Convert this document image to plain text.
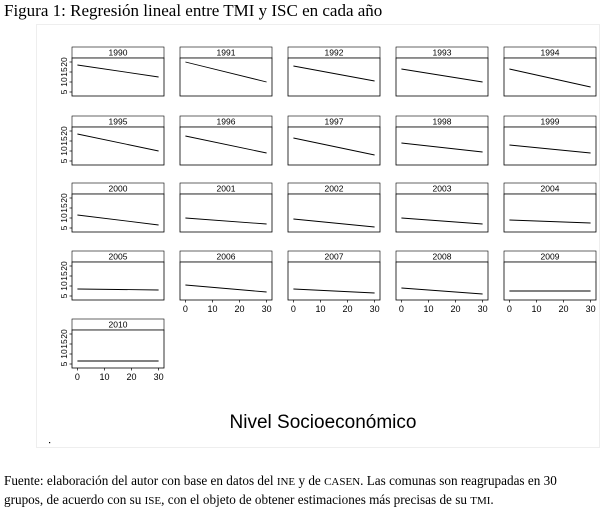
Figura 1: Regresión lineal entre TMI y ISC en cada año
1990
5
10
15
20
1991	1992	1993	1994
1995
5
10
15
20
1996	1997	1998	1999
2000
5
10
15
20
2001	2002	2003	2004
2005
5
10
15
20
2006
0 10 20 30
2007
0 10 20 30
2008
0 10 20 30
2009
0 10 20 30
2010
5
10
15
20
0 10 20 30
Nivel Socioeconómico
Fuente: elaboración del autor con base en datos del INE y de CASEN. Las comunas son reagrupadas en 30 grupos, de acuerdo con su ISE, con el objeto de obtener estimaciones más precisas de su TMI.
